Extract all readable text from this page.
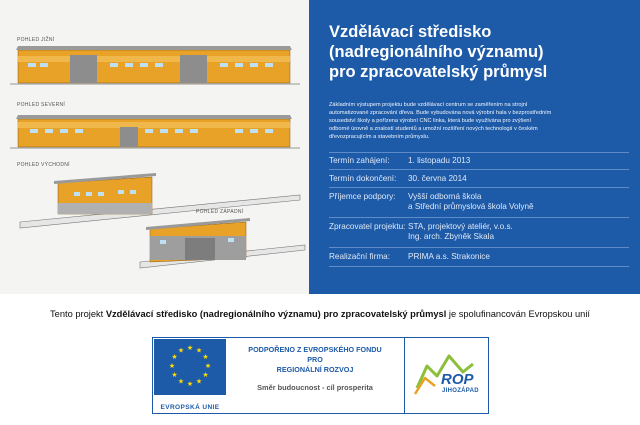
POHLED JIŽNÍ
POHLED SEVERNÍ
POHLED VÝCHODNÍ
POHLED ZÁPADNÍ
Vzdělávací středisko
(nadregionálního významu)
pro zpracovatelský průmysl
Základním výstupem projektu bude vzdělávací centrum se zaměřením na strojní
automatizované zpracování dřeva. Bude vybudována nová výrobní hala v bezprostředním
sousedství školy a pořízena výrobní CNC linka, která bude využívána pro zvýšení
odborné úrovně a znalostí studentů a umožní rozšíření nových technologií v českém
dřevozpracujícím a stavebním průmyslu.
Termín zahájení: 1. listopadu 2013
Termín dokončení: 30. června 2014
Příjemce podpory: Vyšší odborná škola
a Střední průmyslová škola Volyně
Zpracovatel projektu: STA, projektový ateliér, v.o.s.
Ing. arch. Zbyněk Skala
Realizační firma: PRIMA a.s. Strakonice
Tento projekt Vzdělávací středisko (nadregionálního významu) pro zpracovatelský průmysl je spolufinancován Evropskou unií
★ ★
★
★
★
★
★
★
★
★
★
★
EVROPSKÁ UNIE
PODPOŘENO Z EVROPSKÉHO FONDU
PRO
REGIONÁLNÍ ROZVOJ
Směr budoucnost - cíl prosperita	ROP
JIHOZÁPAD
